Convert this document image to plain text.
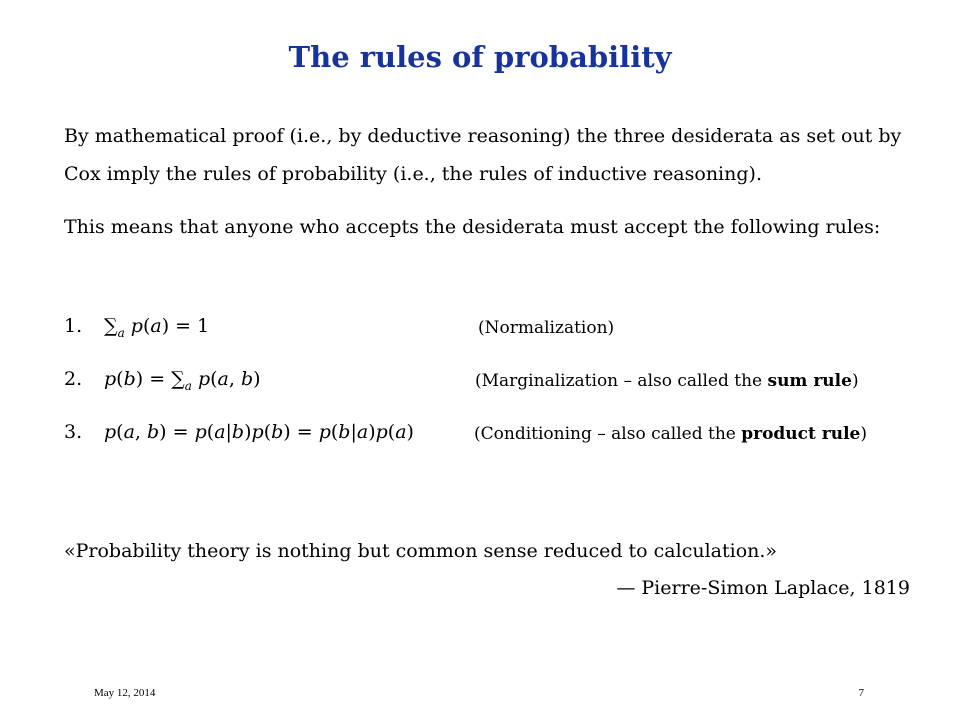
The rules of probability
By mathematical proof (i.e., by deductive reasoning) the three desiderata as set out by
Cox imply the rules of probability (i.e., the rules of inductive reasoning).
This means that anyone who accepts the desiderata must accept the following rules:
1. $\sum_a$ p(a) = 1	(Normalization)
2. $p(b) = \sum_a$ p(a, b)	(Marginalization – also called the sum rule)
3. p(a, b) = p(a|b)p(b) = p(b|a)p(a)	(Conditioning – also called the product rule)
«Probability theory is nothing but common sense reduced to calculation.»
— Pierre-Simon Laplace, 1819
May 12, 2014	7
